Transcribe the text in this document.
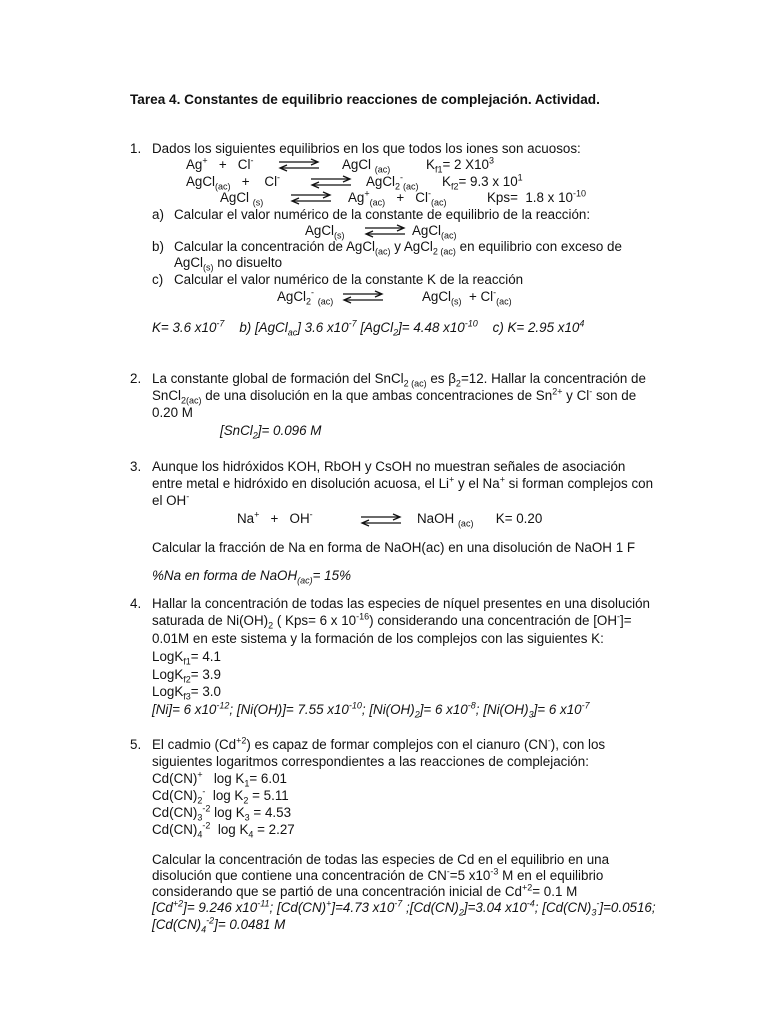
Tarea 4. Constantes de equilibrio reacciones de complejación. Actividad.
1. Dados los siguientes equilibrios en los que todos los iones son acuosos:
Ag+   +   Cl-	AgCl $_{(ac)}$	$K_{f1}= 2$ $X10^3$
AgCl$_{(ac)}$   +    Cl- ⇌ AgCl$_2$-$_{(ac)}$ $K_{f2}= 9.3$ x $10^1$
AgCl $_{(s)}$ ⇌ $Ag^+_{(ac)} + Cl^-_{(ac)}$	Kps=  1.8 x $10^{-10}$
a) Calcular el valor numérico de la constante de equilibrio de la reacción:
AgCl$_{(s)}$ ⇌ AgCl$_{(ac)}$
b) Calcular la concentración de AgCl$_{(ac)}$ y AgCl$_{2 (ac)}$ en equilibrio con exceso de
AgCl$_{(s)}$ no disuelto
c) Calcular el valor numérico de la constante K de la reacción
AgCl$_2$- $_{(ac)}$ ⇌	AgCl$_{(s)}$  + $Cl^-_{(ac)}$
K= 3.6 $x10^{-7}$ b) [AgCl$_{ac}$] 3.6 $x10^{-7}$ [AgCl$_2$]= 4.48 $x10^{-10}$ c) K= 2.95 $x10^4$
2. La constante global de formación del SnCl$_{2 (ac)}$ es $\beta_2=12$. Hallar la concentración de
SnCl$_{2(ac)}$ de una disolución en la que ambas concentraciones de $Sn^{2+}$ y Cl- son de
0.20 M
[SnCl$_2$]= 0.096 M
3. Aunque los hidróxidos KOH, RbOH y CsOH no muestran señales de asociación
entre metal e hidróxido en disolución acuosa, el Li+ y el Na+ si forman complejos con
el OH-
Na+   +   OH-	⇌ NaOH $_{(ac)}$      K= 0.20
Calcular la fracción de Na en forma de NaOH(ac) en una disolución de NaOH 1 F
%Na en forma de NaOH$_{(ac)}$= 15%
4. Hallar la concentración de todas las especies de níquel presentes en una disolución
saturada de $Ni(OH)_2$ ( Kps= 6 x $10^{-16}$) considerando una concentración de [OH-]=
0.01M en este sistema y la formación de los complejos con las siguientes K:
LogK$_{f1}$= 4.1
LogK$_{f2}$= 3.9
LogK$_{f3}$= 3.0
[Ni]= 6 $x10^{-12}$; [Ni(OH)]= 7.55 $x10^{-10}$; $[Ni(OH)_2]= 6$ $x10^{-8}$; $[Ni(OH)_3]= 6$ $x10^{-7}$
5. El cadmio $(Cd^{+2})$ es capaz de formar complejos con el cianuro (CN-), con los
siguientes logaritmos correspondientes a las reacciones de complejación:
Cd(CN)+   $\log K_1= 6.01$
$Cd(CN)_2^-$  $\log K_2 = 5.11$
$Cd(CN)_3^{-2}$ $\log K_3 = 4.53$
$Cd(CN)_4^{-2}$  $\log K_4 = 2.27$
Calcular la concentración de todas las especies de Cd en el equilibrio en una
disolución que contiene una concentración de CN-=5 $x10^{-3}$ M en el equilibrio
considerando que se partió de una concentración inicial de $Cd^{+2}= 0.1$ M
$[Cd^{+2}]= 9.246$ $x10^{-11}$; [Cd(CN)+]=4.73 $x10^{-7}$ $;[Cd(CN)_2]=3.04$ $x10^{-4}$; $[Cd(CN)_3^-]=0.0516$;
$[Cd(CN)_4^{-2}]= 0.0481$ M
